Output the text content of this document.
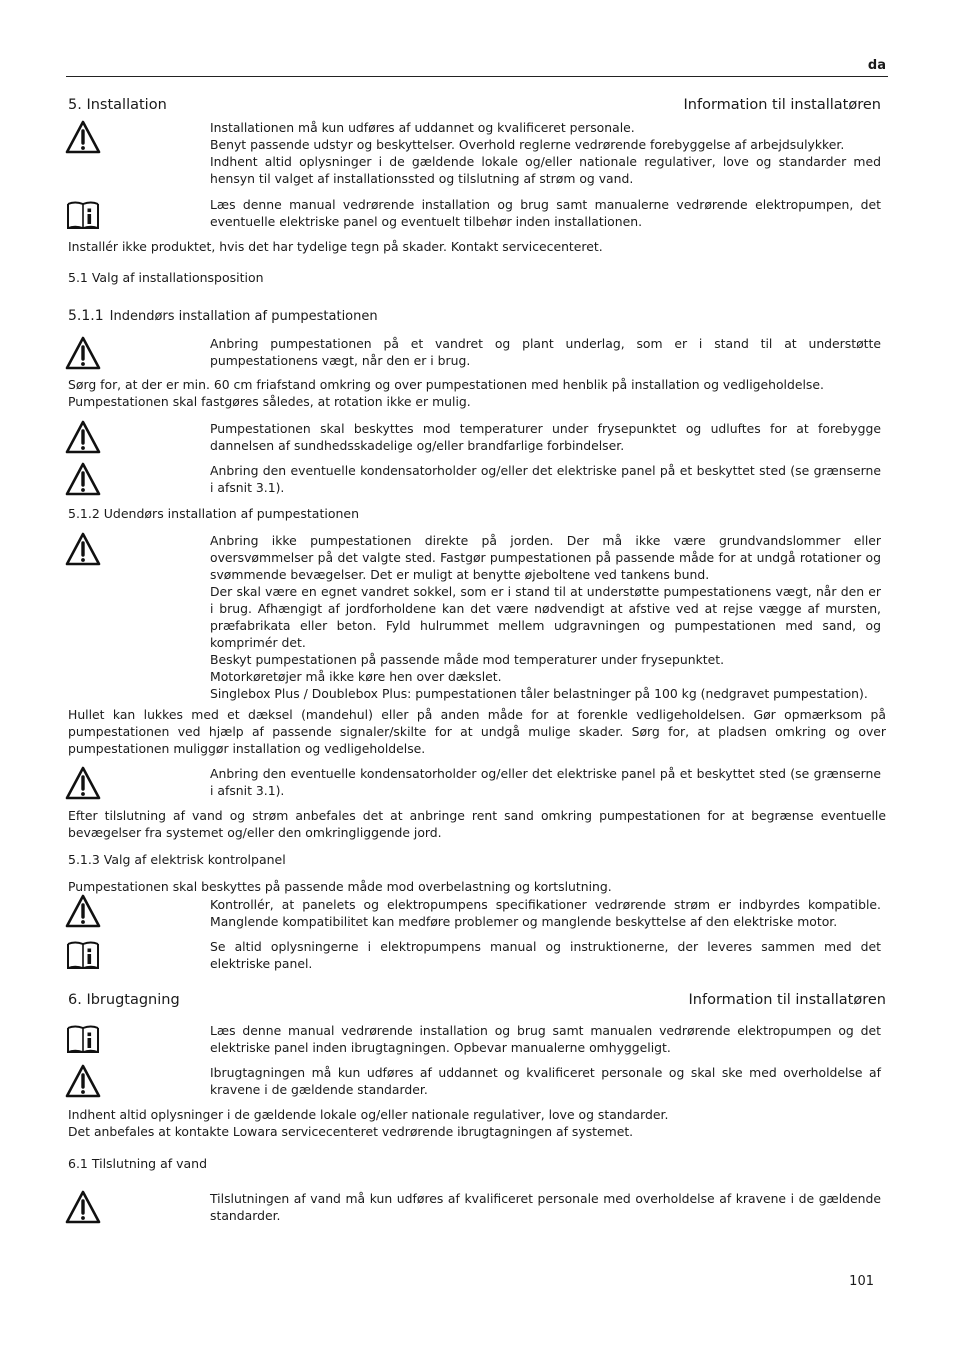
da
5. Installation	Information til installatøren
Installationen må kun udføres af uddannet og kvalificeret personale.
Benyt passende udstyr og beskyttelser. Overhold reglerne vedrørende forebyggelse af arbejdsulykker.
Indhent altid oplysninger i de gældende lokale og/eller nationale regulativer, love og standarder med hensyn til valget af installationssted og tilslutning af strøm og vand.
Læs denne manual vedrørende installation og brug samt manualerne vedrørende elektropumpen, det eventuelle elektriske panel og eventuelt tilbehør inden installationen.
Installér ikke produktet, hvis det har tydelige tegn på skader. Kontakt servicecenteret.
5.1 Valg af installationsposition
5.1.1 Indendørs installation af pumpestationen
Anbring pumpestationen på et vandret og plant underlag, som er i stand til at understøtte pumpestationens vægt, når den er i brug.
Sørg for, at der er min. 60 cm friafstand omkring og over pumpestationen med henblik på installation og vedligeholdelse.
Pumpestationen skal fastgøres således, at rotation ikke er mulig.
Pumpestationen skal beskyttes mod temperaturer under frysepunktet og udluftes for at forebygge dannelsen af sundhedsskadelige og/eller brandfarlige forbindelser.
Anbring den eventuelle kondensatorholder og/eller det elektriske panel på et beskyttet sted (se grænserne i afsnit 3.1).
5.1.2 Udendørs installation af pumpestationen
Anbring ikke pumpestationen direkte på jorden. Der må ikke være grundvandslommer eller oversvømmelser på det valgte sted. Fastgør pumpestationen på passende måde for at undgå rotationer og svømmende bevægelser. Det er muligt at benytte øjeboltene ved tankens bund.
Der skal være en egnet vandret sokkel, som er i stand til at understøtte pumpestationens vægt, når den er i brug. Afhængigt af jordforholdene kan det være nødvendigt at afstive ved at rejse vægge af mursten, præfabrikata eller beton. Fyld hulrummet mellem udgravningen og pumpestationen med sand, og komprimér det.
Beskyt pumpestationen på passende måde mod temperaturer under frysepunktet.
Motorkøretøjer må ikke køre hen over dækslet.
Singlebox Plus / Doublebox Plus: pumpestationen tåler belastninger på 100 kg (nedgravet pumpestation).
Hullet kan lukkes med et dæksel (mandehul) eller på anden måde for at forenkle vedligeholdelsen. Gør opmærksom på pumpestationen ved hjælp af passende signaler/skilte for at undgå mulige skader. Sørg for, at pladsen omkring og over pumpestationen muliggør installation og vedligeholdelse.
Anbring den eventuelle kondensatorholder og/eller det elektriske panel på et beskyttet sted (se grænserne i afsnit 3.1).
Efter tilslutning af vand og strøm anbefales det at anbringe rent sand omkring pumpestationen for at begrænse eventuelle bevægelser fra systemet og/eller den omkringliggende jord.
5.1.3 Valg af elektrisk kontrolpanel
Pumpestationen skal beskyttes på passende måde mod overbelastning og kortslutning.
Kontrollér, at panelets og elektropumpens specifikationer vedrørende strøm er indbyrdes kompatible. Manglende kompatibilitet kan medføre problemer og manglende beskyttelse af den elektriske motor.
Se altid oplysningerne i elektropumpens manual og instruktionerne, der leveres sammen med det elektriske panel.
6. Ibrugtagning	Information til installatøren
Læs denne manual vedrørende installation og brug samt manualen vedrørende elektropumpen og det elektriske panel inden ibrugtagningen. Opbevar manualerne omhyggeligt.
Ibrugtagningen må kun udføres af uddannet og kvalificeret personale og skal ske med overholdelse af kravene i de gældende standarder.
Indhent altid oplysninger i de gældende lokale og/eller nationale regulativer, love og standarder.
Det anbefales at kontakte Lowara servicecenteret vedrørende ibrugtagningen af systemet.
6.1 Tilslutning af vand
Tilslutningen af vand må kun udføres af kvalificeret personale med overholdelse af kravene i de gældende standarder.
101
